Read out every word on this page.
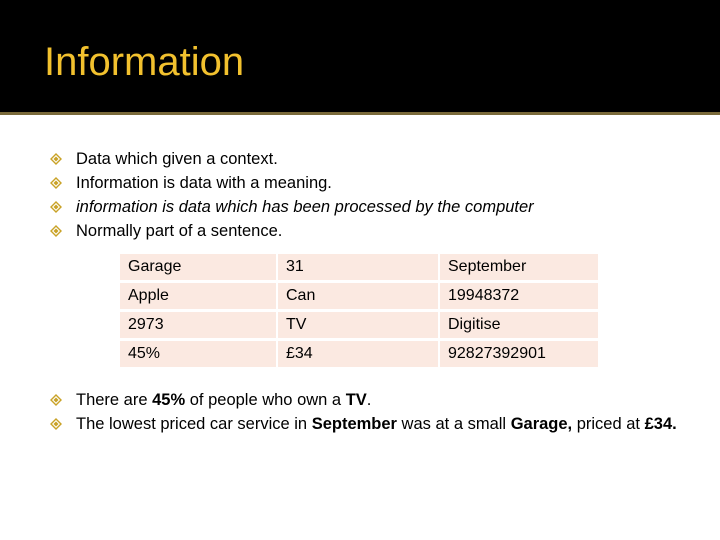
Information
Data which given a context.
Information is data with a meaning.
information is data which has been processed by the computer
Normally part of a sentence.
Garage	31	September
Apple	Can	19948372
2973	TV	Digitise
45%	£34	92827392901
There are 45% of people who own a TV.
The lowest priced car service in September was at a small Garage, priced at £34.
